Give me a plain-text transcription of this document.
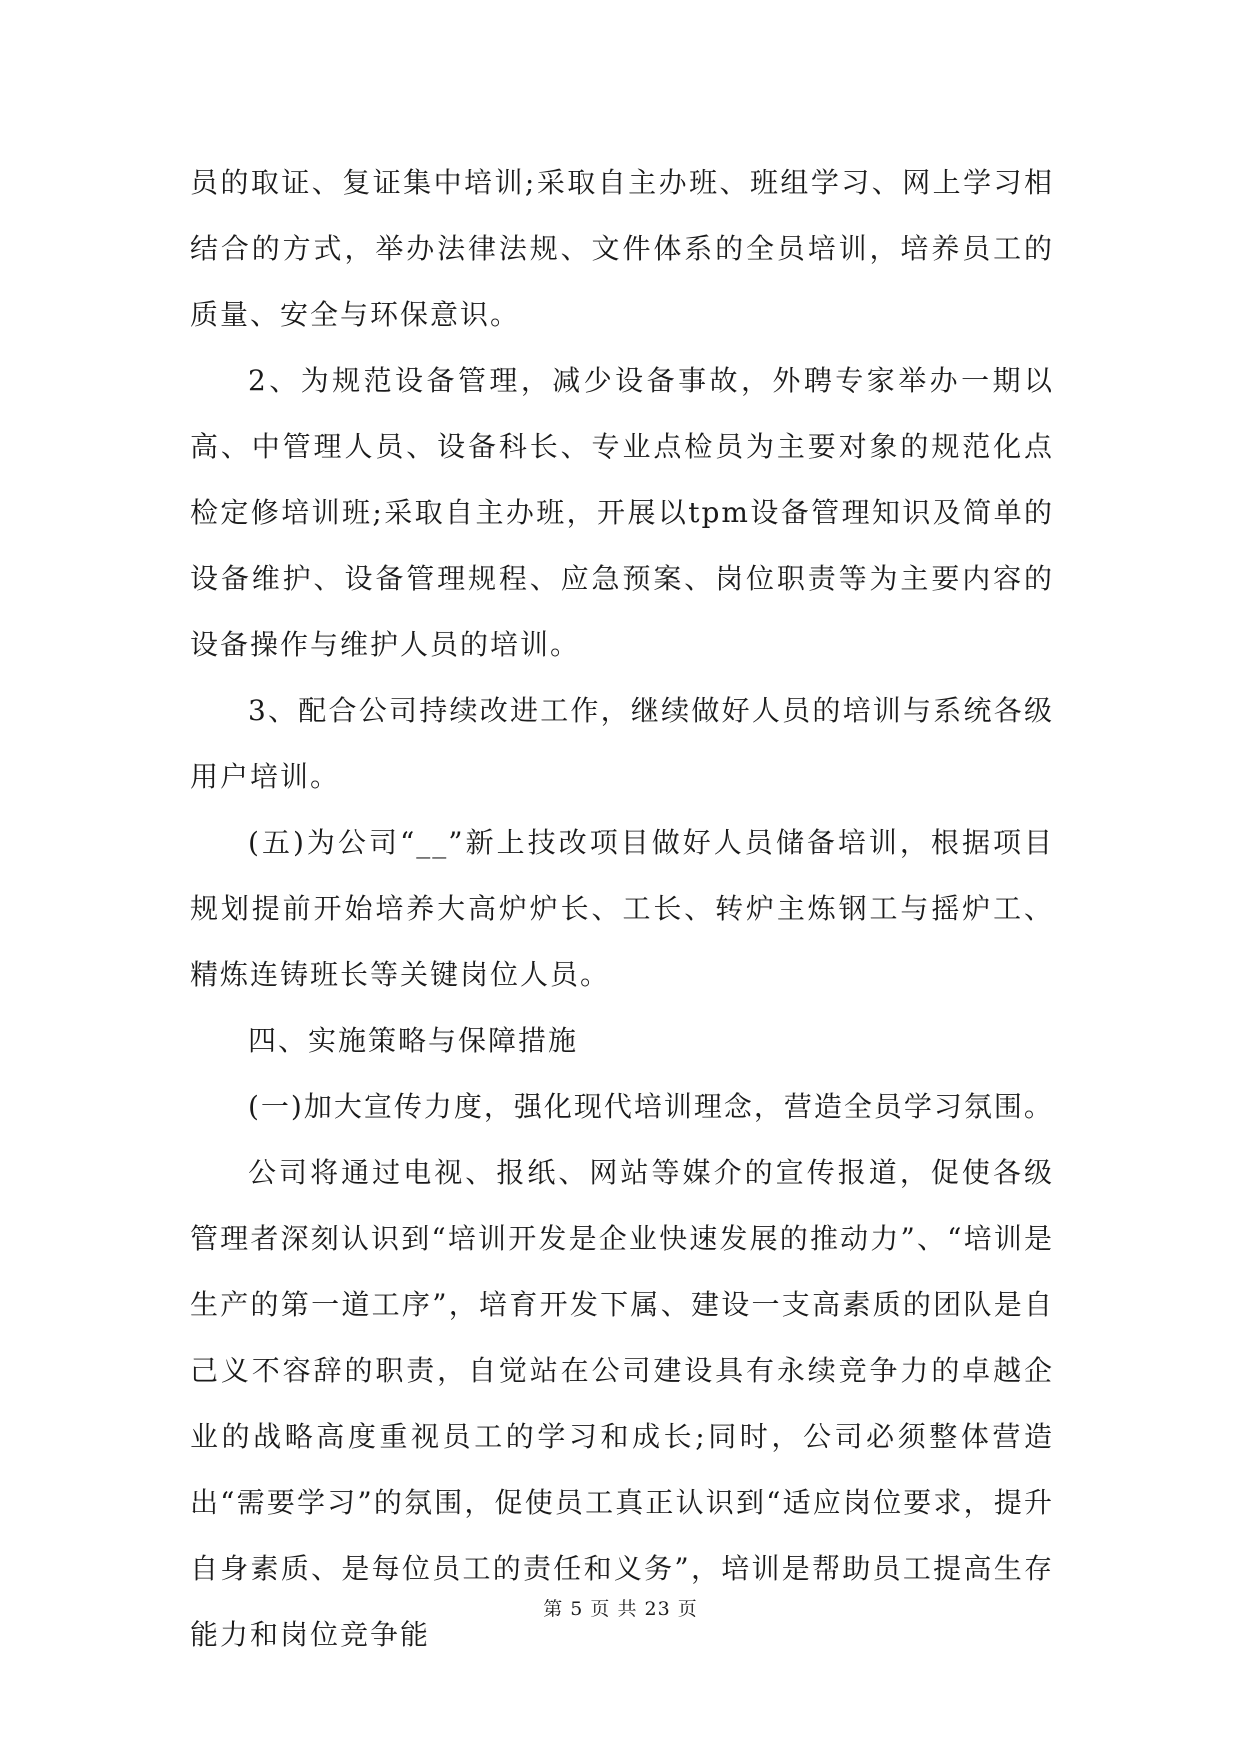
员的取证、复证集中培训;采取自主办班、班组学习、网上学习相结合的方式，举办法律法规、文件体系的全员培训，培养员工的质量、安全与环保意识。

2、为规范设备管理，减少设备事故，外聘专家举办一期以高、中管理人员、设备科长、专业点检员为主要对象的规范化点检定修培训班;采取自主办班，开展以tpm设备管理知识及简单的设备维护、设备管理规程、应急预案、岗位职责等为主要内容的设备操作与维护人员的培训。

3、配合公司持续改进工作，继续做好人员的培训与系统各级用户培训。

(五)为公司“__”新上技改项目做好人员储备培训，根据项目规划提前开始培养大高炉炉长、工长、转炉主炼钢工与摇炉工、精炼连铸班长等关键岗位人员。

四、实施策略与保障措施

(一)加大宣传力度，强化现代培训理念，营造全员学习氛围。

公司将通过电视、报纸、网站等媒介的宣传报道，促使各级管理者深刻认识到“培训开发是企业快速发展的推动力”、“培训是生产的第一道工序”，培育开发下属、建设一支高素质的团队是自己义不容辞的职责，自觉站在公司建设具有永续竞争力的卓越企业的战略高度重视员工的学习和成长;同时，公司必须整体营造出“需要学习”的氛围，促使员工真正认识到“适应岗位要求，提升自身素质、是每位员工的责任和义务”，培训是帮助员工提高生存能力和岗位竞争能

第 5 页 共 23 页
